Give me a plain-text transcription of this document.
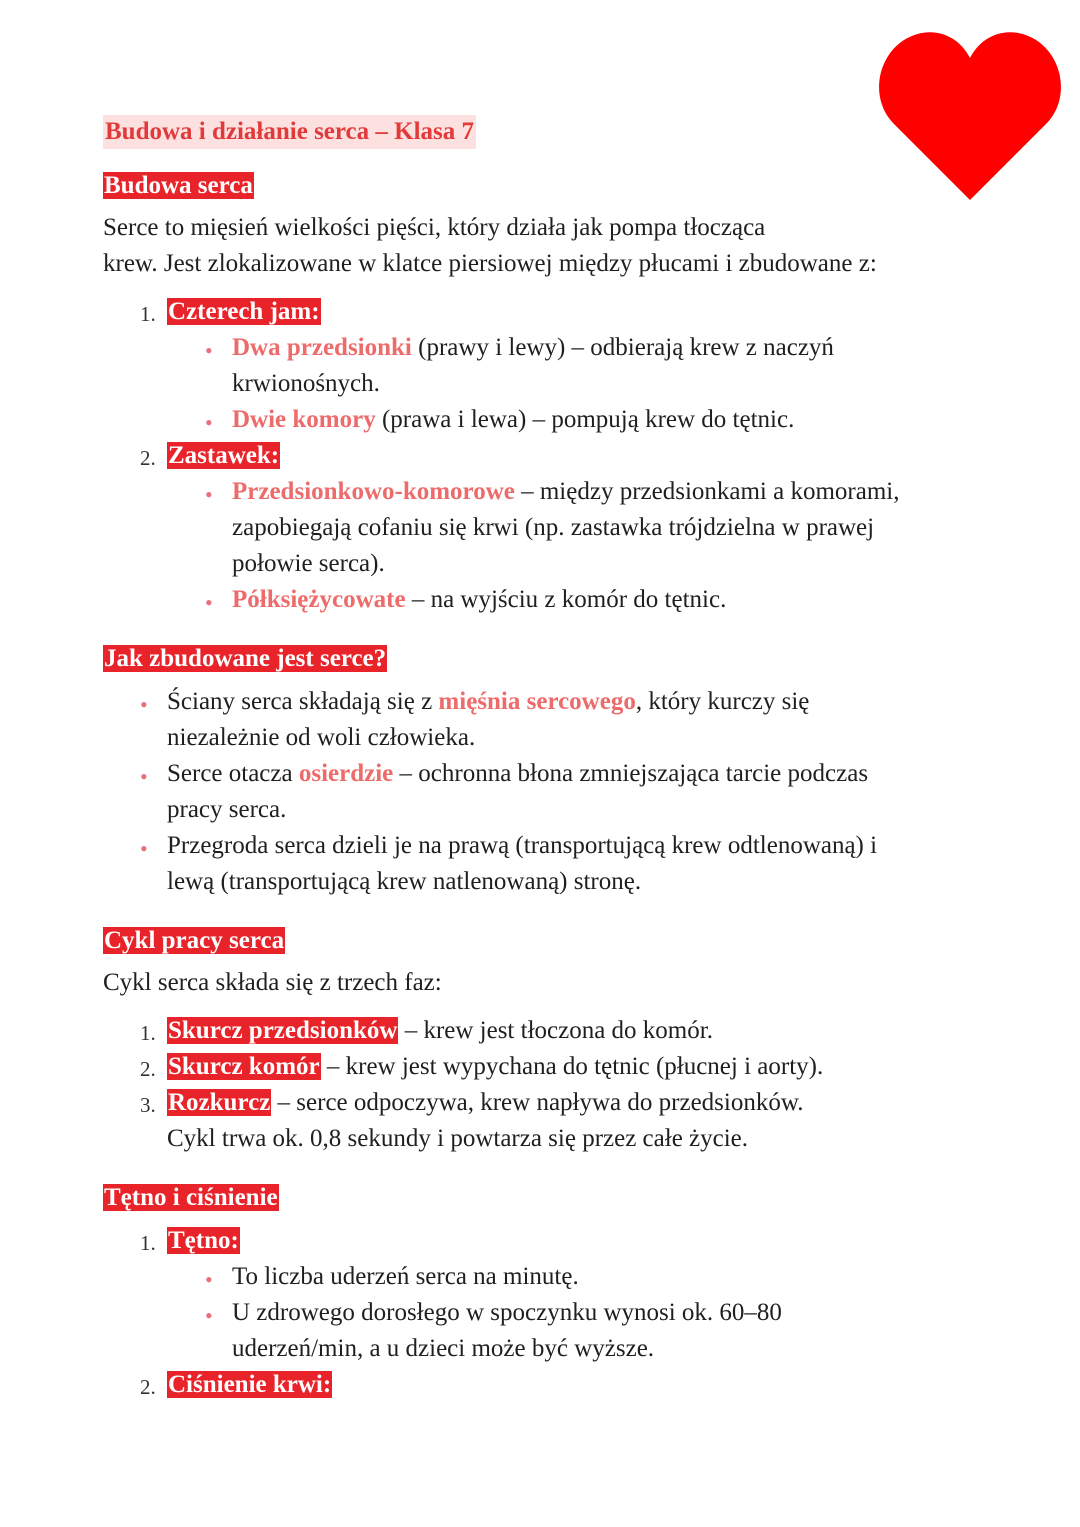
Budowa i działanie serca – Klasa 7
Budowa serca

Serce to mięsień wielkości pięści, który działa jak pompa tłocząca

krew. Jest zlokalizowane w klatce piersiowej między płucami i zbudowane z:

1. Czterech jam:

• Dwa przedsionki (prawy i lewy) – odbierają krew z naczyń

krwionośnych.

• Dwie komory (prawa i lewa) – pompują krew do tętnic.

2. Zastawek:

• Przedsionkowo-komorowe – między przedsionkami a komorami,

zapobiegają cofaniu się krwi (np. zastawka trójdzielna w prawej

połowie serca).

• Półksiężycowate – na wyjściu z komór do tętnic.

Jak zbudowane jest serce?
• Ściany serca składają się z mięśnia sercowego, który kurczy się

niezależnie od woli człowieka.

• Serce otacza osierdzie – ochronna błona zmniejszająca tarcie podczas

pracy serca.

• Przegroda serca dzieli je na prawą (transportującą krew odtlenowaną) i

lewą (transportującą krew natlenowaną) stronę.

Cykl pracy serca

Cykl serca składa się z trzech faz:

1. Skurcz przedsionków – krew jest tłoczona do komór.

2. Skurcz komór – krew jest wypychana do tętnic (płucnej i aorty).

3. Rozkurcz – serce odpoczywa, krew napływa do przedsionków.

Cykl trwa ok. 0,8 sekundy i powtarza się przez całe życie.

Tętno i ciśnienie
1. Tętno:

• To liczba uderzeń serca na minutę.

• U zdrowego dorosłego w spoczynku wynosi ok. 60–80

uderzeń/min, a u dzieci może być wyższe.

2. Ciśnienie krwi:
